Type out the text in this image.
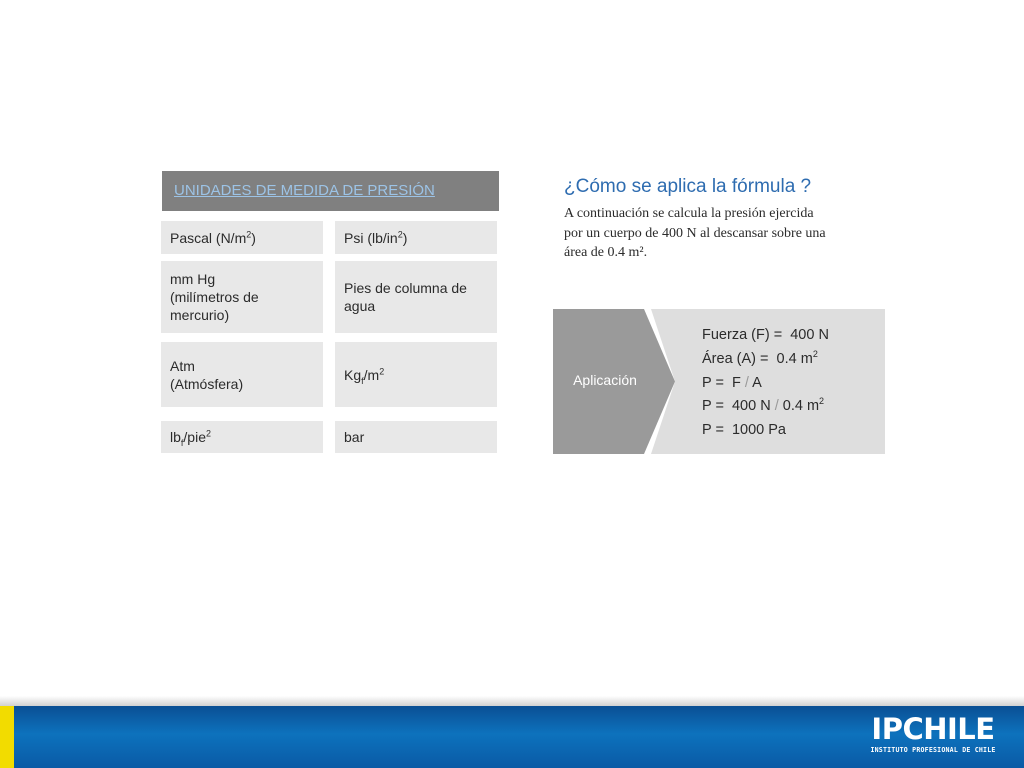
UNIDADES DE MEDIDA DE PRESIÓN
Pascal $(N/m^2)$	Psi $(lb/in^2)$
mm Hg
(milímetros de
mercurio)
Pies de columna de
agua
Atm
(Atmósfera)
$Kg_f/m^2$
$lb_f/pie^2$	bar
¿Cómo se aplica la fórmula ?
A continuación se calcula la presión ejercida
por un cuerpo de 400 N al descansar sobre una
área de 0.4 m².
Aplicación
Fuerza (F) = 400 N
Área (A) = 0.4 $m^2$
P = F / A
P = 400 N / 0.4 $m^2$
P = 1000 Pa
IPCHILE
INSTITUTO PROFESIONAL DE CHILE
